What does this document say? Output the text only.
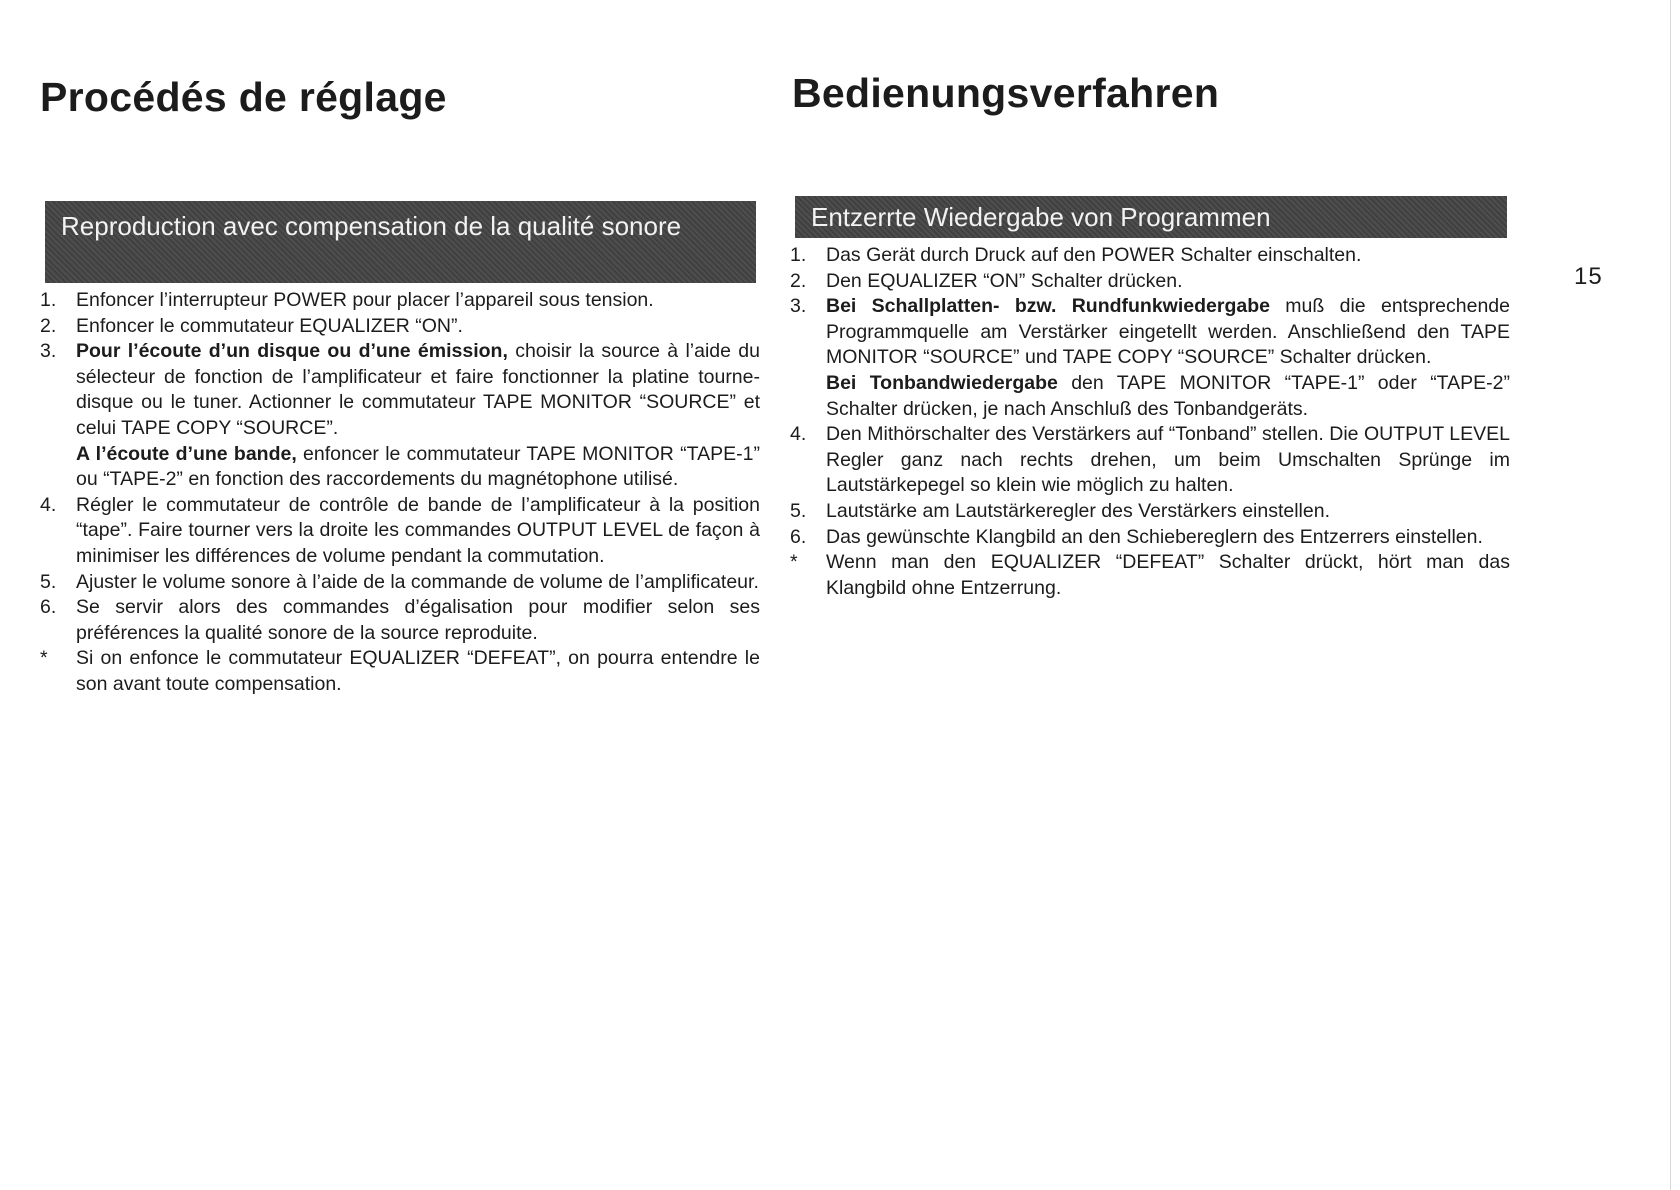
Procédés de réglage
Reproduction avec compensation de la qualité sonore
1.	Enfoncer l’interrupteur POWER pour placer l’appareil sous tension.
2.	Enfoncer le commutateur EQUALIZER “ON”.
3.	Pour l’écoute d’un disque ou d’une émission, choisir la source à l’aide du sélecteur de fonction de l’amplificateur et faire fonctionner la platine tourne-disque ou le tuner. Actionner le commutateur TAPE MONITOR “SOURCE” et celui TAPE COPY “SOURCE”.
A l’écoute d’une bande, enfoncer le commutateur TAPE MONITOR “TAPE-1” ou “TAPE-2” en fonction des raccordements du magnétophone utilisé.
4.	Régler le commutateur de contrôle de bande de l’amplificateur à la position “tape”. Faire tourner vers la droite les commandes OUTPUT LEVEL de façon à minimiser les différences de volume pendant la commutation.
5.	Ajuster le volume sonore à l’aide de la commande de volume de l’amplificateur.
6.	Se servir alors des commandes d’égalisation pour modifier selon ses préférences la qualité sonore de la source reproduite.
*	Si on enfonce le commutateur EQUALIZER “DEFEAT”, on pourra entendre le son avant toute compensation.
Bedienungsverfahren
Entzerrte Wiedergabe von Programmen
1.	Das Gerät durch Druck auf den POWER Schalter einschalten.
2.	Den EQUALIZER “ON” Schalter drücken.
3.	Bei Schallplatten- bzw. Rundfunkwiedergabe muß die entsprechende Programmquelle am Verstärker eingetellt werden. Anschließend den TAPE MONITOR “SOURCE” und TAPE COPY “SOURCE” Schalter drücken.
Bei Tonbandwiedergabe den TAPE MONITOR “TAPE-1” oder “TAPE-2” Schalter drücken, je nach Anschluß des Tonbandgeräts.
4.	Den Mithörschalter des Verstärkers auf “Tonband” stellen. Die OUTPUT LEVEL Regler ganz nach rechts drehen, um beim Umschalten Sprünge im Lautstärkepegel so klein wie möglich zu halten.
5.	Lautstärke am Lautstärkeregler des Verstärkers einstellen.
6.	Das gewünschte Klangbild an den Schiebereglern des Entzerrers einstellen.
*	Wenn man den EQUALIZER “DEFEAT” Schalter drückt, hört man das Klangbild ohne Entzerrung.
15
